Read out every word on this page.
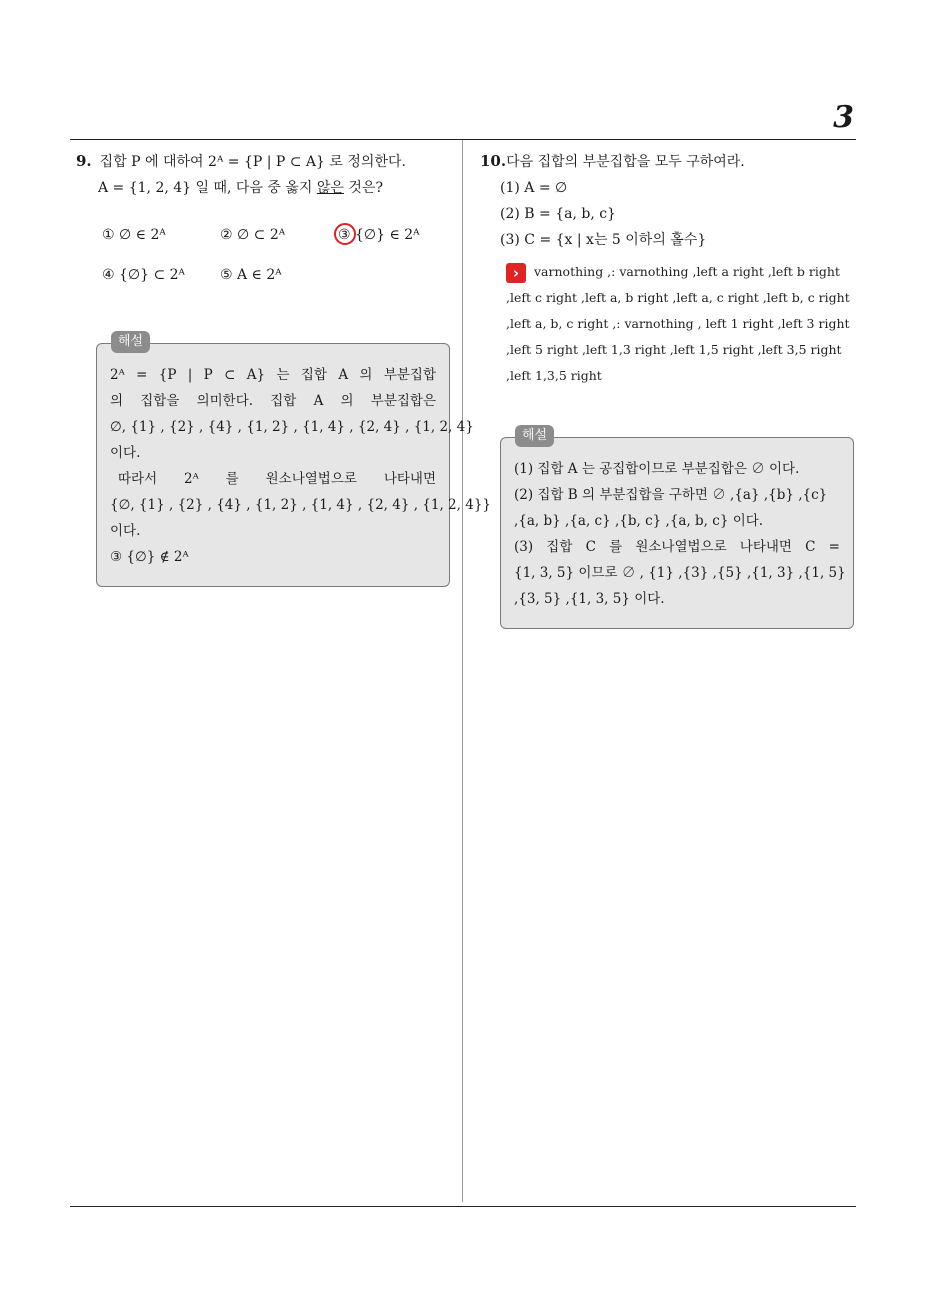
3
9. 집합 P 에 대하여 2ᴬ = {P | P ⊂ A} 로 정의한다.
A = {1, 2, 4} 일 때, 다음 중 옳지 않은 것은?
① ∅ ∈ 2ᴬ	② ∅ ⊂ 2ᴬ	③ {∅} ∈ 2ᴬ
④ {∅} ⊂ 2ᴬ	⑤ A ∈ 2ᴬ
해설
2ᴬ = {P | P ⊂ A} 는 집합 A 의 부분집합
의 집합을 의미한다. 집합 A 의 부분집합은
∅, {1} , {2} , {4} , {1, 2} , {1, 4} , {2, 4} , {1, 2, 4}
이다.
따라서 2ᴬ 를 원소나열법으로 나타내면
{∅, {1} , {2} , {4} , {1, 2} , {1, 4} , {2, 4} , {1, 2, 4}}
이다.
③ {∅} ∉ 2ᴬ
10.다음 집합의 부분집합을 모두 구하여라.
(1) A = ∅
(2) B = {a, b, c}
(3) C = {x | x는 5 이하의 홀수}
› varnothing ,: varnothing ,left a right ,left b right
,left c right ,left a, b right ,left a, c right ,left b, c right
,left a, b, c right ,: varnothing , left 1 right ,left 3 right
,left 5 right ,left 1,3 right ,left 1,5 right ,left 3,5 right
,left 1,3,5 right
해설
(1) 집합 A 는 공집합이므로 부분집합은 ∅ 이다.
(2) 집합 B 의 부분집합을 구하면 ∅ ,{a} ,{b} ,{c}
,{a, b} ,{a, c} ,{b, c} ,{a, b, c} 이다.
(3) 집합 C 를 원소나열법으로 나타내면 C =
{1, 3, 5} 이므로 ∅ , {1} ,{3} ,{5} ,{1, 3} ,{1, 5}
,{3, 5} ,{1, 3, 5} 이다.
